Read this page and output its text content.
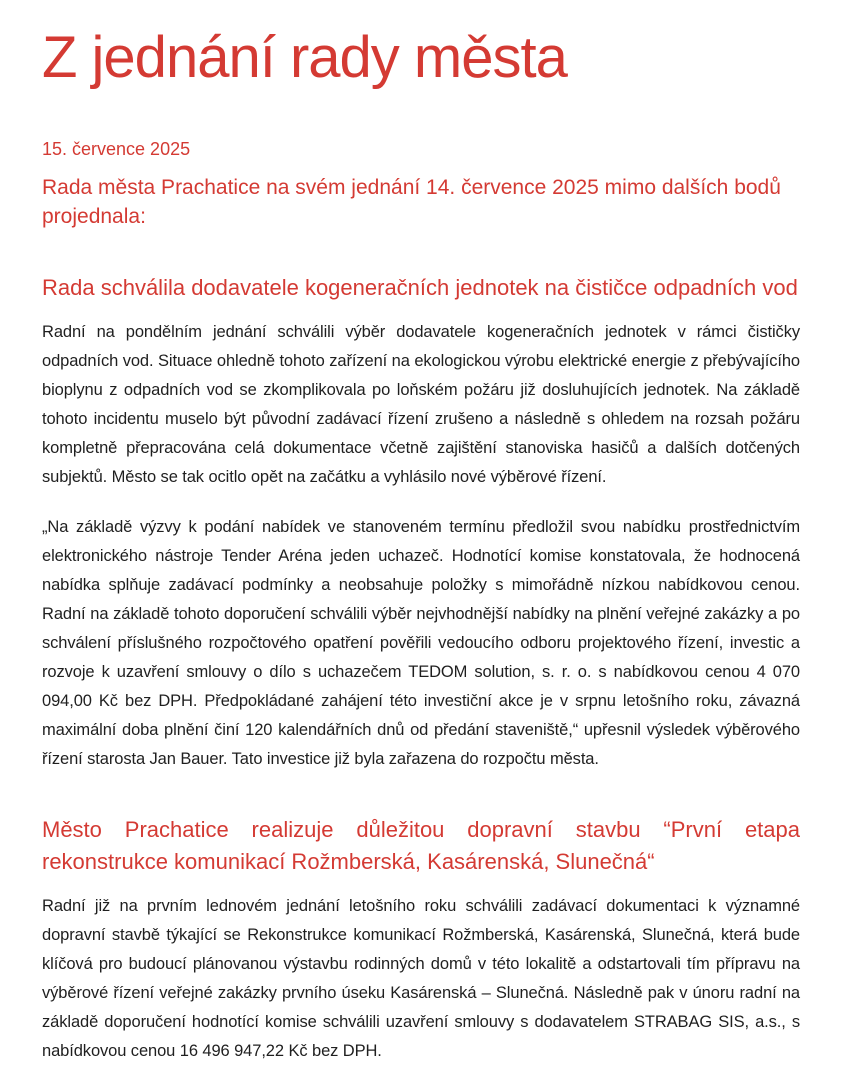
Z jednání rady města
15. července 2025

Rada města Prachatice na svém jednání 14. července 2025 mimo dalších bodů projednala:

Rada schválila dodavatele kogeneračních jednotek na čističce odpadních vod

Radní na pondělním jednání schválili výběr dodavatele kogeneračních jednotek v rámci čističky odpadních vod. Situace ohledně tohoto zařízení na ekologickou výrobu elektrické energie z přebývajícího bioplynu z odpadních vod se zkomplikovala po loňském požáru již dosluhujících jednotek. Na základě tohoto incidentu muselo být původní zadávací řízení zrušeno a následně s ohledem na rozsah požáru kompletně přepracována celá dokumentace včetně zajištění stanoviska hasičů a dalších dotčených subjektů. Město se tak ocitlo opět na začátku a vyhlásilo nové výběrové řízení.

„Na základě výzvy k podání nabídek ve stanoveném termínu předložil svou nabídku prostřednictvím elektronického nástroje Tender Aréna jeden uchazeč. Hodnotící komise konstatovala, že hodnocená nabídka splňuje zadávací podmínky a neobsahuje položky s mimořádně nízkou nabídkovou cenou. Radní na základě tohoto doporučení schválili výběr nejvhodnější nabídky na plnění veřejné zakázky a po schválení příslušného rozpočtového opatření pověřili vedoucího odboru projektového řízení, investic a rozvoje k uzavření smlouvy o dílo s uchazečem TEDOM solution, s. r. o. s nabídkovou cenou 4 070 094,00 Kč bez DPH. Předpokládané zahájení této investiční akce je v srpnu letošního roku, závazná maximální doba plnění činí 120 kalendářních dnů od předání staveniště,“ upřesnil výsledek výběrového řízení starosta Jan Bauer. Tato investice již byla zařazena do rozpočtu města.

Město Prachatice realizuje důležitou dopravní stavbu “První etapa rekonstrukce komunikací Rožmberská, Kasárenská, Slunečná“

Radní již na prvním lednovém jednání letošního roku schválili zadávací dokumentaci k významné dopravní stavbě týkající se Rekonstrukce komunikací Rožmberská, Kasárenská, Slunečná, která bude klíčová pro budoucí plánovanou výstavbu rodinných domů v této lokalitě a odstartovali tím přípravu na výběrové řízení veřejné zakázky prvního úseku Kasárenská – Slunečná. Následně pak v únoru radní na základě doporučení hodnotící komise schválili uzavření smlouvy s dodavatelem STRABAG SIS, a.s., s nabídkovou cenou 16 496 947,22 Kč bez DPH.
